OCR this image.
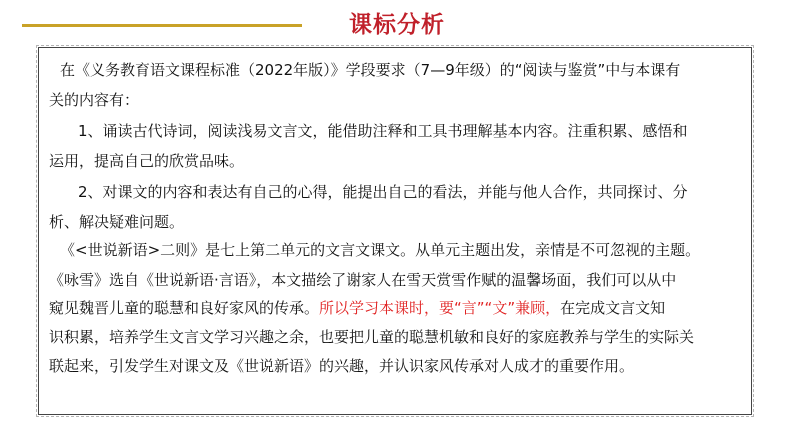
课标分析

在《义务教育语文课程标准（2022年版）》学段要求（7—9年级）的“阅读与鉴赏”中与本课有

关的内容有：

1、诵读古代诗词，阅读浅易文言文，能借助注释和工具书理解基本内容。注重积累、感悟和

运用，提高自己的欣赏品味。

2、对课文的内容和表达有自己的心得，能提出自己的看法，并能与他人合作，共同探讨、分

析、解决疑难问题。

《<世说新语>二则》是七上第二单元的文言文课文。从单元主题出发，亲情是不可忽视的主题。

《咏雪》选自《世说新语·言语》，本文描绘了谢家人在雪天赏雪作赋的温馨场面，我们可以从中

窥见魏晋儿童的聪慧和良好家风的传承。所以学习本课时，要“言”“文”兼顾，在完成文言文知

识积累，培养学生文言文学习兴趣之余，也要把儿童的聪慧机敏和良好的家庭教养与学生的实际关

联起来，引发学生对课文及《世说新语》的兴趣，并认识家风传承对人成才的重要作用。
